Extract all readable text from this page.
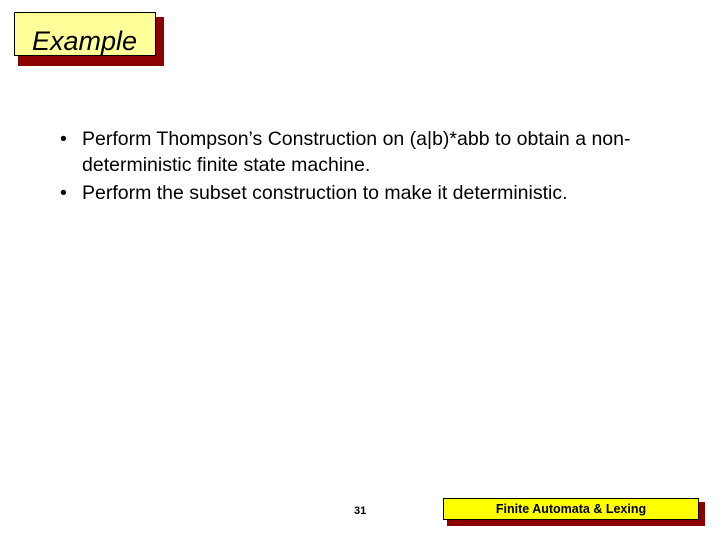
Example
• Perform Thompson’s Construction on (a|b)*abb to obtain a non-deterministic finite state machine.
• Perform the subset construction to make it deterministic.
31	Finite Automata & Lexing
